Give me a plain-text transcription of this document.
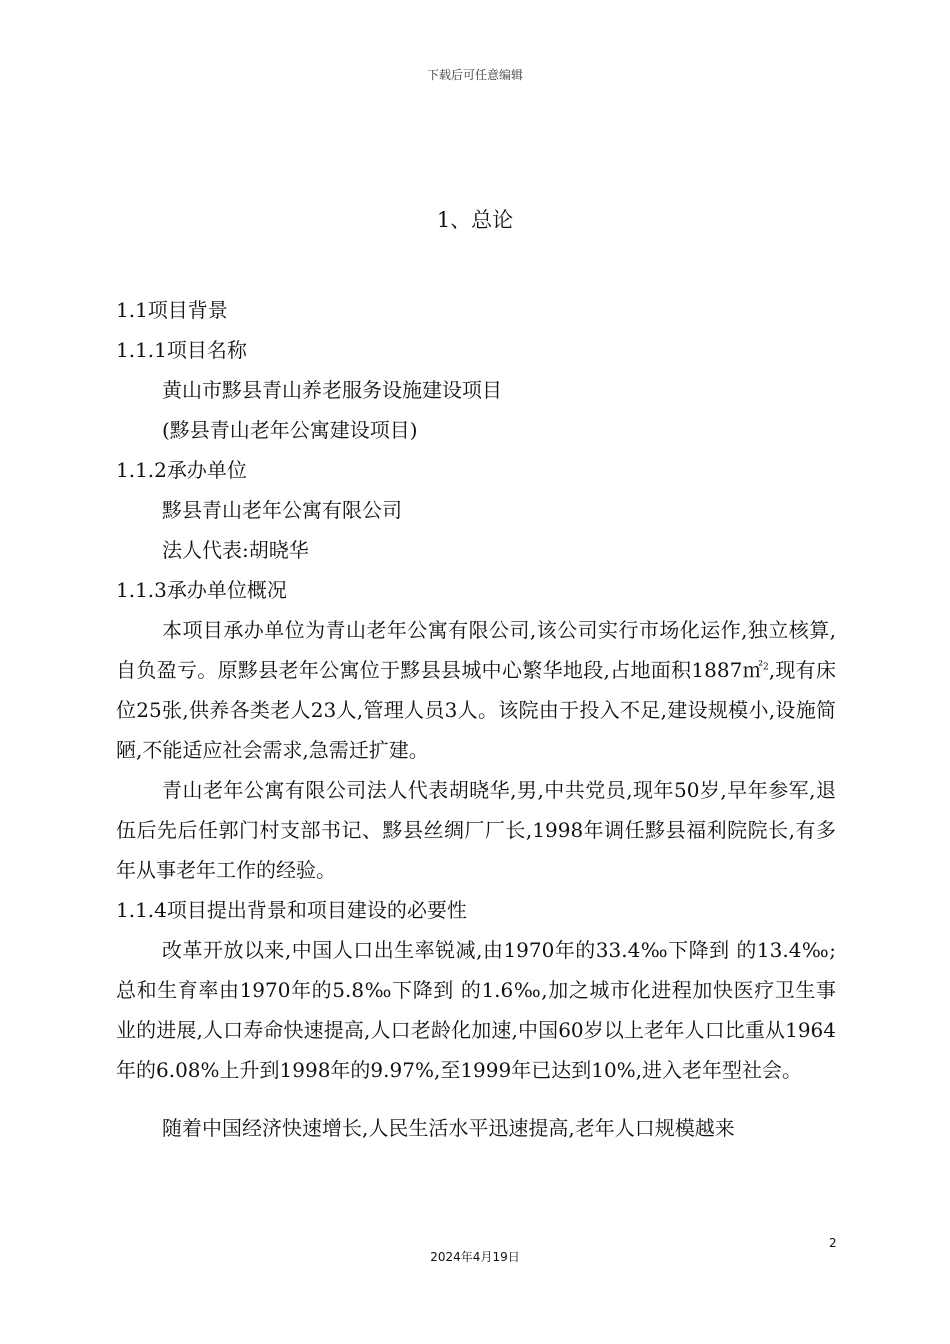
下载后可任意编辑
1、总论
1.1项目背景
1.1.1项目名称
黄山市黟县青山养老服务设施建设项目
(黟县青山老年公寓建设项目)
1.1.2承办单位
黟县青山老年公寓有限公司
法人代表:胡晓华
1.1.3承办单位概况

本项目承办单位为青山老年公寓有限公司,该公司实行市场化运作,独立核算,自负盈亏。原黟县老年公寓位于黟县县城中心繁华地段,占地面积1887㎡$^2$,现有床位25张,供养各类老人23人,管理人员3人。该院由于投入不足,建设规模小,设施简陋,不能适应社会需求,急需迁扩建。

青山老年公寓有限公司法人代表胡晓华,男,中共党员,现年50岁,早年参军,退伍后先后任郭门村支部书记、黟县丝绸厂厂长,1998年调任黟县福利院院长,有多年从事老年工作的经验。

1.1.4项目提出背景和项目建设的必要性

改革开放以来,中国人口出生率锐减,由1970年的33.4‰下降到 的13.4‰;总和生育率由1970年的5.8‰下降到 的1.6‰,加之城市化进程加快医疗卫生事业的进展,人口寿命快速提高,人口老龄化加速,中国60岁以上老年人口比重从1964年的6.08%上升到1998年的9.97%,至1999年已达到10%,进入老年型社会。

随着中国经济快速增长,人民生活水平迅速提高,老年人口规模越来

2
2024年4月19日
